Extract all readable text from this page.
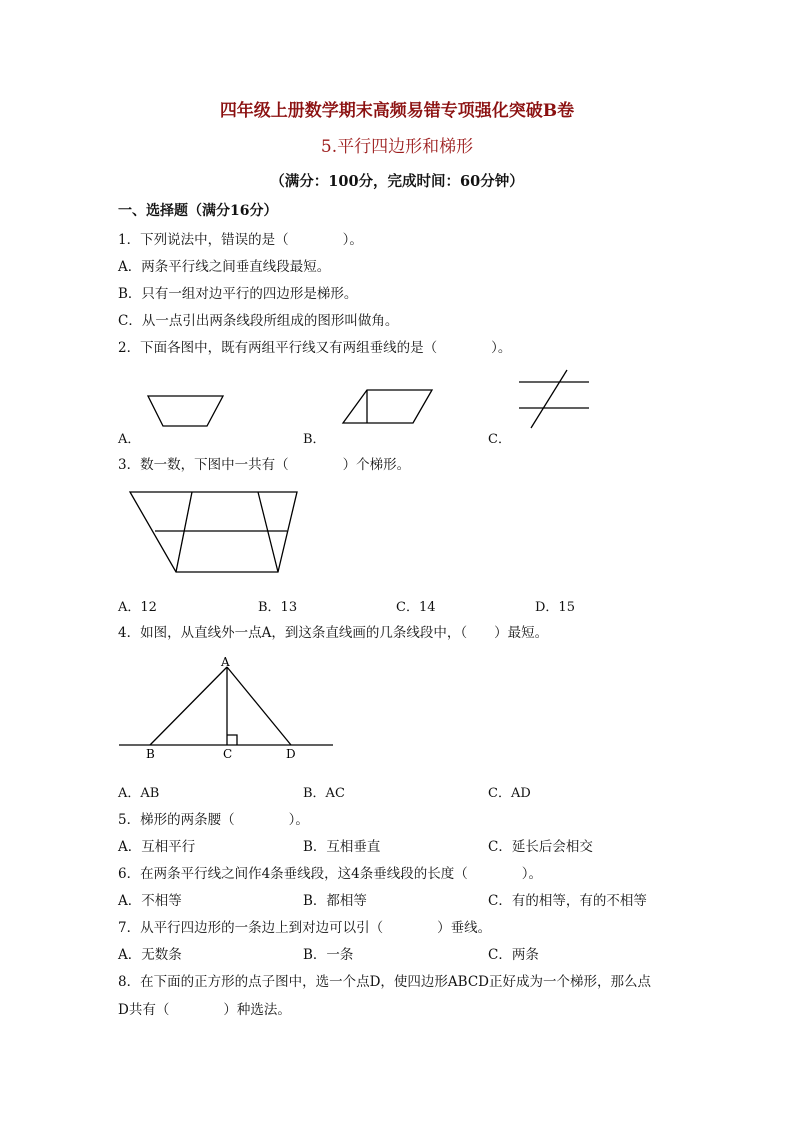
四年级上册数学期末高频易错专项强化突破B卷
5.平行四边形和梯形
（满分：100分，完成时间：60分钟）
一、选择题（满分16分）
1．下列说法中，错误的是（　　　　）。
A．两条平行线之间垂直线段最短。
B．只有一组对边平行的四边形是梯形。
C．从一点引出两条线段所组成的图形叫做角。
2．下面各图中，既有两组平行线又有两组垂线的是（　　　　）。
A．	B．	C．
3．数一数，下图中一共有（　　　　）个梯形。
A．12	B．13	C．14	D．15
4．如图，从直线外一点A，到这条直线画的几条线段中，（　　）最短。
A
B	C	D
A．AB	B．AC	C．AD
5．梯形的两条腰（　　　　）。
A．互相平行	B．互相垂直	C．延长后会相交
6．在两条平行线之间作4条垂线段，这4条垂线段的长度（　　　　）。
A．不相等	B．都相等	C．有的相等，有的不相等
7．从平行四边形的一条边上到对边可以引（　　　　）垂线。
A．无数条	B．一条	C．两条
8．在下面的正方形的点子图中，选一个点D，使四边形ABCD正好成为一个梯形，那么点
D共有（　　　　）种选法。
